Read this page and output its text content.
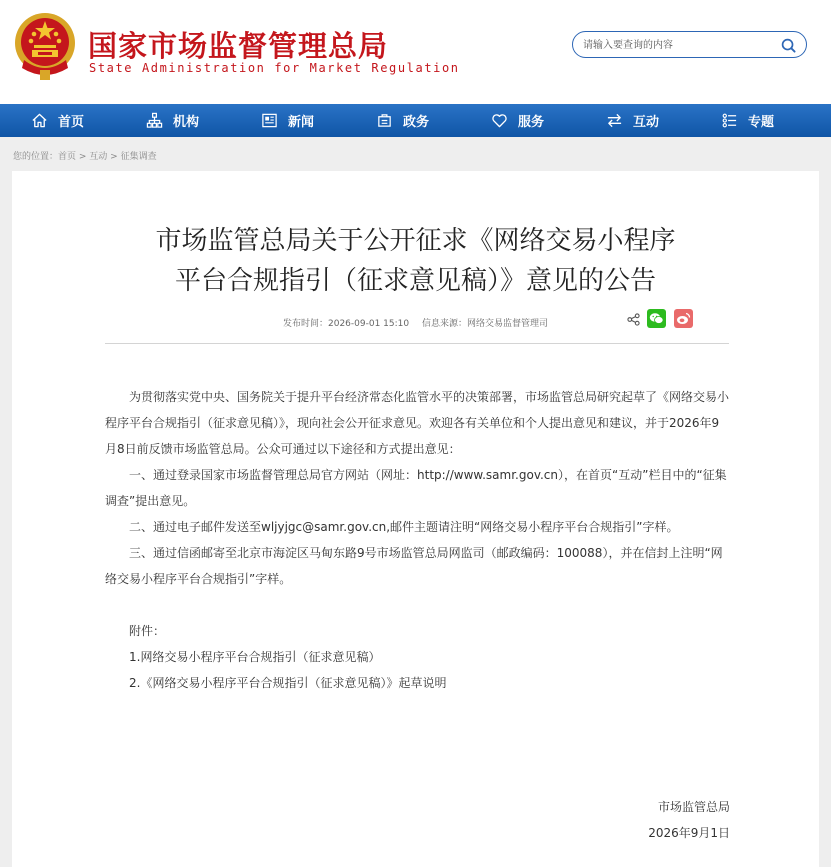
国家市场监督管理总局
State Administration for Market Regulation
请输入要查询的内容
首页	机构	新闻	政务	服务	互动	专题
您的位置：首页 > 互动 > 征集调查
市场监管总局关于公开征求《网络交易小程序
平台合规指引（征求意见稿）》意见的公告
发布时间：2026-09-01 15:10 信息来源：网络交易监督管理司

为贯彻落实党中央、国务院关于提升平台经济常态化监管水平的决策部署，市场监管总局研究起草了《网络交易小程序平台合规指引（征求意见稿）》，现向社会公开征求意见。欢迎各有关单位和个人提出意见和建议，并于2026年9月8日前反馈市场监管总局。公众可通过以下途径和方式提出意见：

一、通过登录国家市场监督管理总局官方网站（网址：http://www.samr.gov.cn），在首页“互动”栏目中的“征集调查”提出意见。

二、通过电子邮件发送至wljyjgc@samr.gov.cn,邮件主题请注明“网络交易小程序平台合规指引”字样。

三、通过信函邮寄至北京市海淀区马甸东路9号市场监管总局网监司（邮政编码：100088），并在信封上注明“网络交易小程序平台合规指引”字样。

附件：

1.网络交易小程序平台合规指引（征求意见稿）

2.《网络交易小程序平台合规指引（征求意见稿）》起草说明

市场监管总局
2026年9月1日
